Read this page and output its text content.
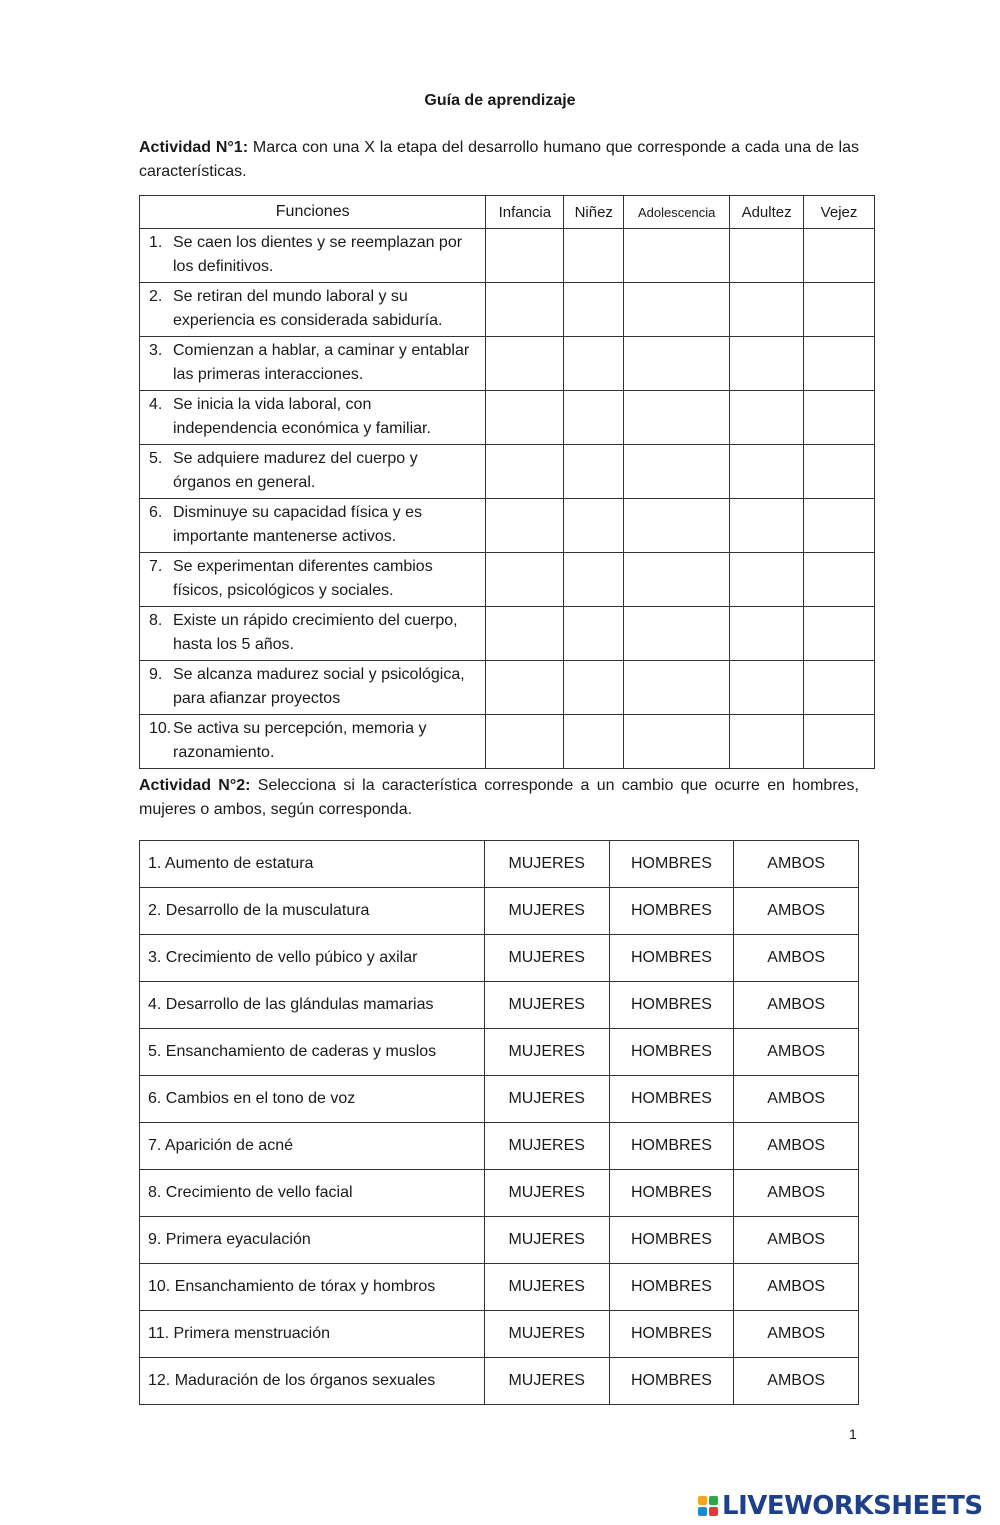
Guía de aprendizaje
Actividad N°1: Marca con una X la etapa del desarrollo humano que corresponde a cada una de las características.
Funciones	Infancia	Niñez	Adolescencia	Adultez	Vejez

1. Se caen los dientes y se reemplazan por los definitivos.					

2. Se retiran del mundo laboral y su experiencia es considerada sabiduría.					

3. Comienzan a hablar, a caminar y entablar las primeras interacciones.					

4. Se inicia la vida laboral, con independencia económica y familiar.					

5. Se adquiere madurez del cuerpo y órganos en general.					

6. Disminuye su capacidad física y es importante mantenerse activos.					

7. Se experimentan diferentes cambios físicos, psicológicos y sociales.					

8. Existe un rápido crecimiento del cuerpo, hasta los 5 años.					

9. Se alcanza madurez social y psicológica, para afianzar proyectos					

10. Se activa su percepción, memoria y razonamiento.					

Actividad N°2: Selecciona si la característica corresponde a un cambio que ocurre en hombres, mujeres o ambos, según corresponda.
1. Aumento de estatura	MUJERES	HOMBRES	AMBOS
2. Desarrollo de la musculatura	MUJERES	HOMBRES	AMBOS
3. Crecimiento de vello púbico y axilar	MUJERES	HOMBRES	AMBOS
4. Desarrollo de las glándulas mamarias	MUJERES	HOMBRES	AMBOS
5. Ensanchamiento de caderas y muslos	MUJERES	HOMBRES	AMBOS
6. Cambios en el tono de voz	MUJERES	HOMBRES	AMBOS
7. Aparición de acné	MUJERES	HOMBRES	AMBOS
8. Crecimiento de vello facial	MUJERES	HOMBRES	AMBOS
9. Primera eyaculación	MUJERES	HOMBRES	AMBOS
10. Ensanchamiento de tórax y hombros	MUJERES	HOMBRES	AMBOS
11. Primera menstruación	MUJERES	HOMBRES	AMBOS
12. Maduración de los órganos sexuales	MUJERES	HOMBRES	AMBOS
1
LIVEWORKSHEETS
